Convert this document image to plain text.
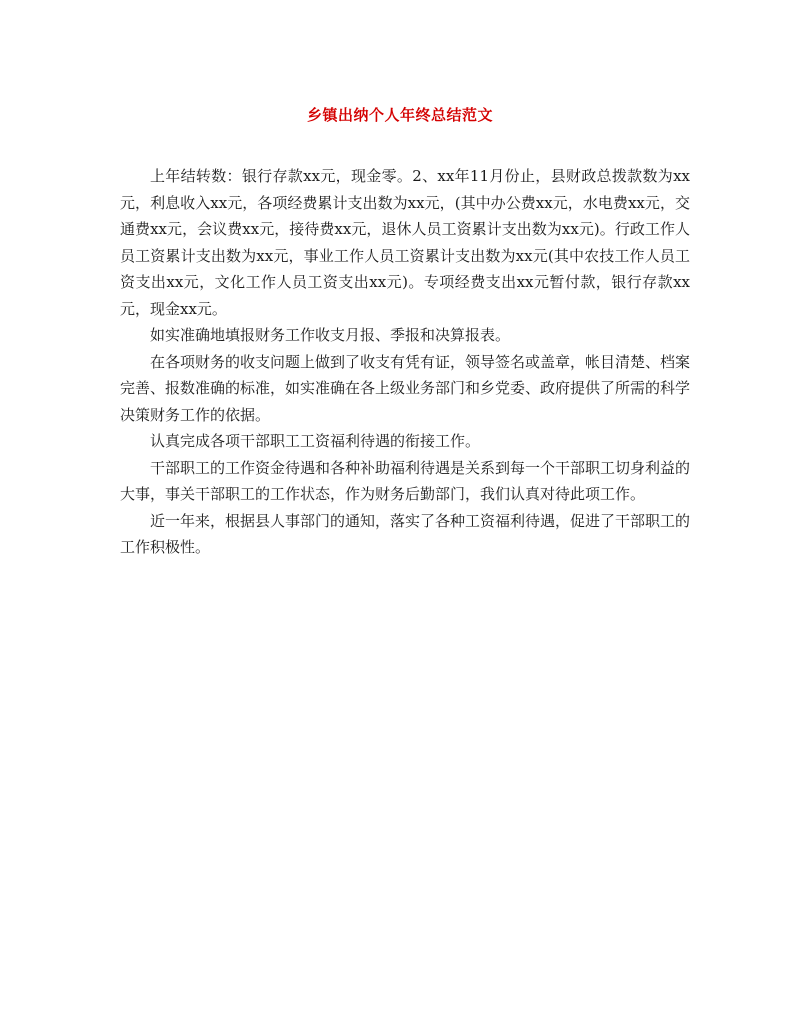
乡镇出纳个人年终总结范文

上年结转数：银行存款xx元，现金零。2、xx年11月份止，县财政总拨款数为xx元，利息收入xx元，各项经费累计支出数为xx元，(其中办公费xx元，水电费xx元，交通费xx元，会议费xx元，接待费xx元，退休人员工资累计支出数为xx元)。行政工作人员工资累计支出数为xx元，事业工作人员工资累计支出数为xx元(其中农技工作人员工资支出xx元，文化工作人员工资支出xx元)。专项经费支出xx元暂付款，银行存款xx元，现金xx元。

如实准确地填报财务工作收支月报、季报和决算报表。

在各项财务的收支问题上做到了收支有凭有证，领导签名或盖章，帐目清楚、档案完善、报数准确的标准，如实准确在各上级业务部门和乡党委、政府提供了所需的科学决策财务工作的依据。

认真完成各项干部职工工资福利待遇的衔接工作。

干部职工的工作资金待遇和各种补助福利待遇是关系到每一个干部职工切身利益的大事，事关干部职工的工作状态，作为财务后勤部门，我们认真对待此项工作。

近一年来，根据县人事部门的通知，落实了各种工资福利待遇，促进了干部职工的工作积极性。
